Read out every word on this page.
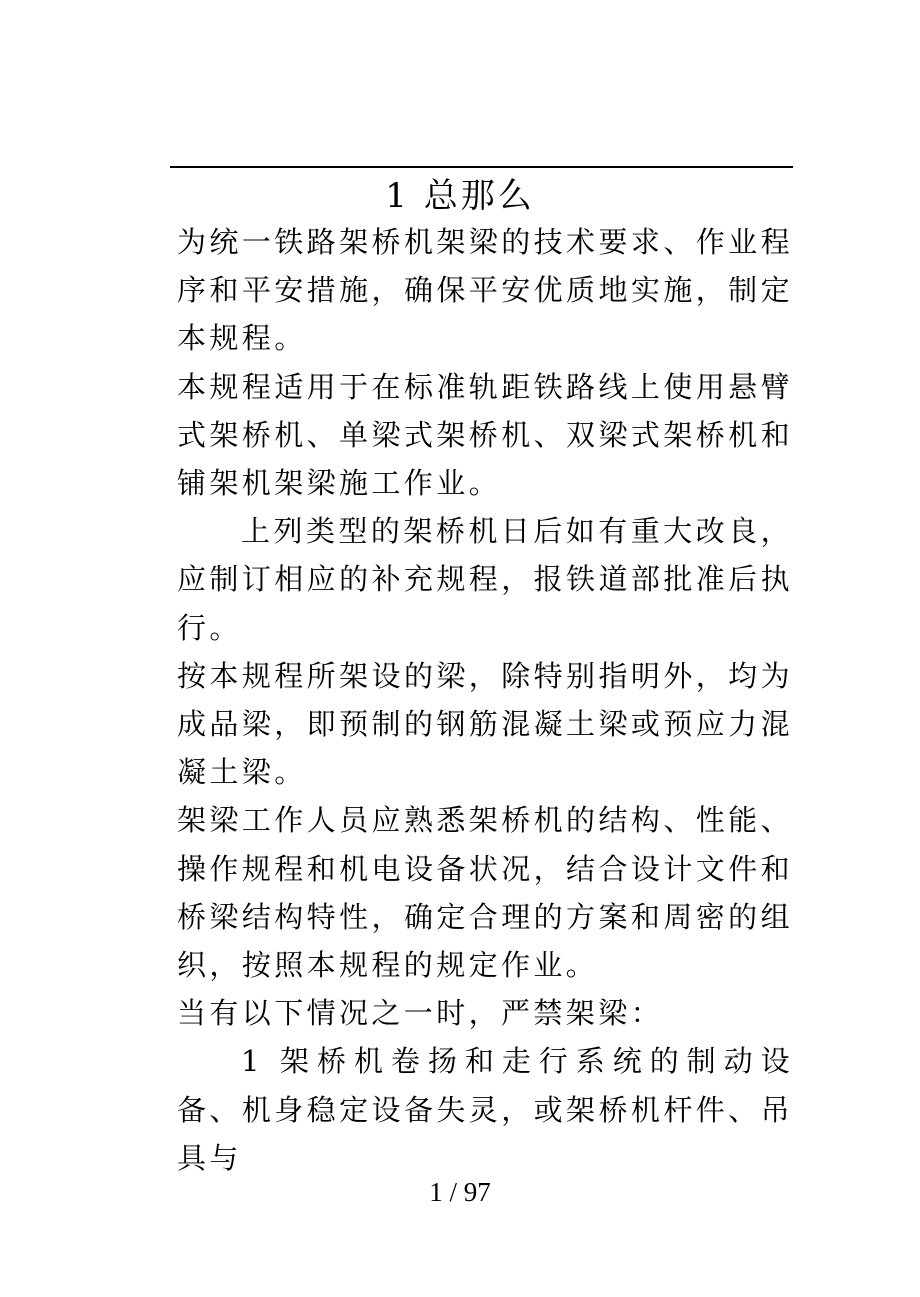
1 总那么

为统一铁路架桥机架梁的技术要求、作业程序和平安措施，确保平安优质地实施，制定本规程。

本规程适用于在标准轨距铁路线上使用悬臂式架桥机、单梁式架桥机、双梁式架桥机和铺架机架梁施工作业。

上列类型的架桥机日后如有重大改良，应制订相应的补充规程，报铁道部批准后执行。

按本规程所架设的梁，除特别指明外，均为成品梁，即预制的钢筋混凝土梁或预应力混凝土梁。

架梁工作人员应熟悉架桥机的结构、性能、操作规程和机电设备状况，结合设计文件和桥梁结构特性，确定合理的方案和周密的组织，按照本规程的规定作业。

当有以下情况之一时，严禁架梁：

1 架桥机卷扬和走行系统的制动设备、机身稳定设备失灵，或架桥机杆件、吊具与

1 / 97
